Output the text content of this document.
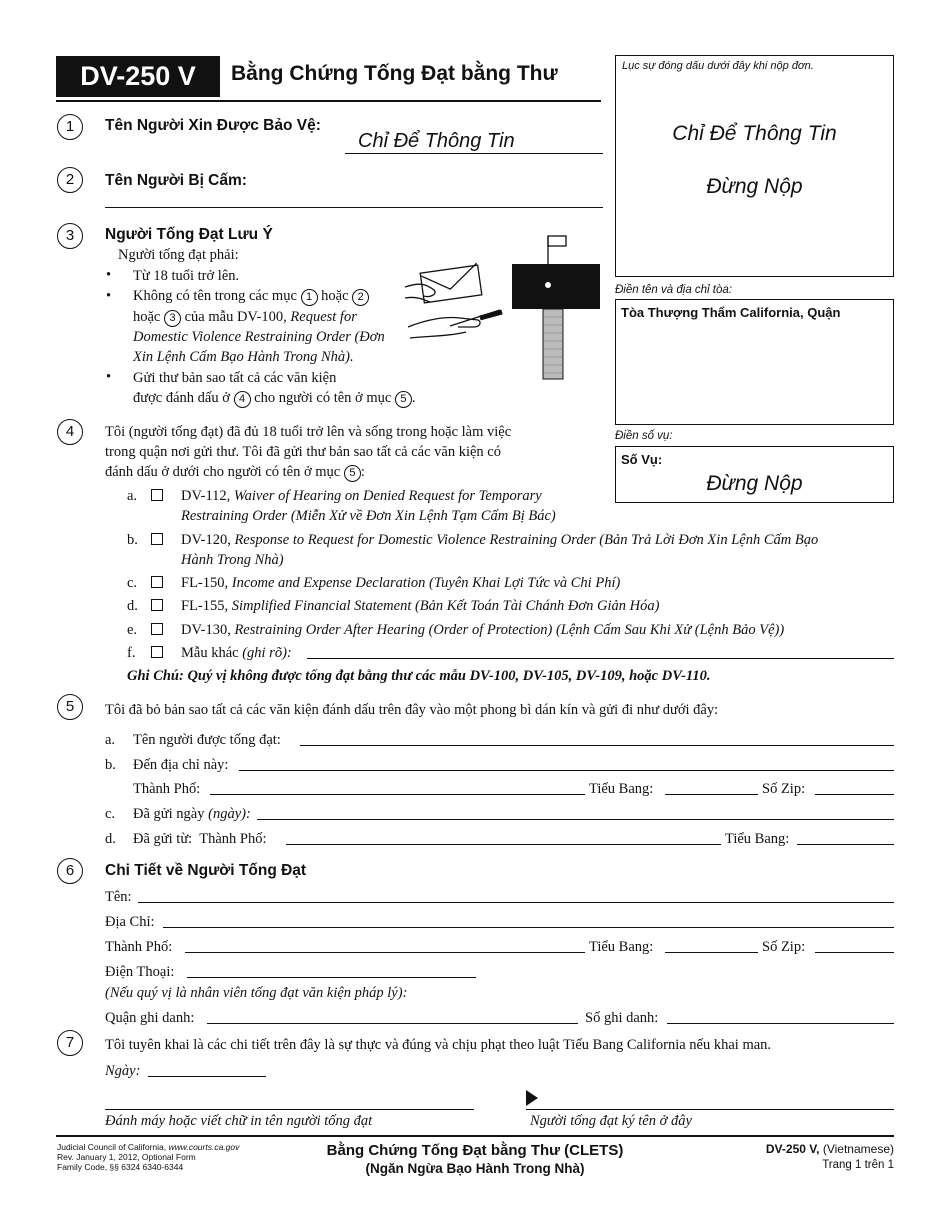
DV-250 V	Bằng Chứng Tống Đạt bằng Thư	Lục sự đóng dấu dưới đây khi nộp đơn.
Chỉ Để Thông Tin
Đừng Nộp
Điền tên và địa chỉ tòa:
Tòa Thượng Thẩm California, Quận
Điền số vụ:
Số Vụ:
Đừng Nộp
1	Tên Người Xin Được Bảo Vệ:
Chỉ Để Thông Tin
2	Tên Người Bị Cấm:
3	Người Tống Đạt Lưu Ý
Người tống đạt phải:
• Từ 18 tuổi trở lên.
• Không có tên trong các mục 1 hoặc 2
hoặc 3 của mẫu DV-100, Request for
Domestic Violence Restraining Order (Đơn
Xin Lệnh Cấm Bạo Hành Trong Nhà).
• Gửi thư bản sao tất cả các văn kiện
được đánh dấu ở 4 cho người có tên ở mục 5 .
4	Tôi (người tống đạt) đã đủ 18 tuổi trở lên và sống trong hoặc làm việc
trong quận nơi gửi thư. Tôi đã gửi thư bản sao tất cả các văn kiện có
đánh dấu ở dưới cho người có tên ở mục 5 :
a.	DV-112, Waiver of Hearing on Denied Request for Temporary
Restraining Order (Miễn Xử về Đơn Xin Lệnh Tạm Cấm Bị Bác)
b.	DV-120, Response to Request for Domestic Violence Restraining Order (Bản Trả Lời Đơn Xin Lệnh Cấm Bạo
Hành Trong Nhà)
c.	FL-150, Income and Expense Declaration (Tuyên Khai Lợi Tức và Chi Phí)
d.	FL-155, Simplified Financial Statement (Bản Kết Toán Tài Chánh Đơn Giản Hóa)
e.	DV-130, Restraining Order After Hearing (Order of Protection) (Lệnh Cấm Sau Khi Xử (Lệnh Bảo Vệ))
f.	Mẫu khác (ghi rõ):
Ghi Chú: Quý vị không được tống đạt bằng thư các mẫu DV-100, DV-105, DV-109, hoặc DV-110.
5	Tôi đã bỏ bản sao tất cả các văn kiện đánh dấu trên đây vào một phong bì dán kín và gửi đi như dưới đây:
a. Tên người được tống đạt:
b. Đến địa chỉ này:
Thành Phố:	Tiểu Bang:	Số Zip:
c. Đã gửi ngày (ngày):
d. Đã gửi từ: Thành Phố:	Tiểu Bang:
6	Chi Tiết về Người Tống Đạt
Tên:
Địa Chỉ:
Thành Phố:	Tiểu Bang:	Số Zip:
Điện Thoại:
(Nếu quý vị là nhân viên tống đạt văn kiện pháp lý):
Quận ghi danh:	Số ghi danh:
7	Tôi tuyên khai là các chi tiết trên đây là sự thực và đúng và chịu phạt theo luật Tiểu Bang California nếu khai man.
Ngày:
Đánh máy hoặc viết chữ in tên người tống đạt	Người tống đạt ký tên ở đây
Judicial Council of California, www.courts.ca.gov
Rev. January 1, 2012, Optional Form
Family Code, §§ 6324 6340-6344
Bằng Chứng Tống Đạt bằng Thư (CLETS)
(Ngăn Ngừa Bạo Hành Trong Nhà)
DV-250 V, (Vietnamese)
Trang 1 trên 1
